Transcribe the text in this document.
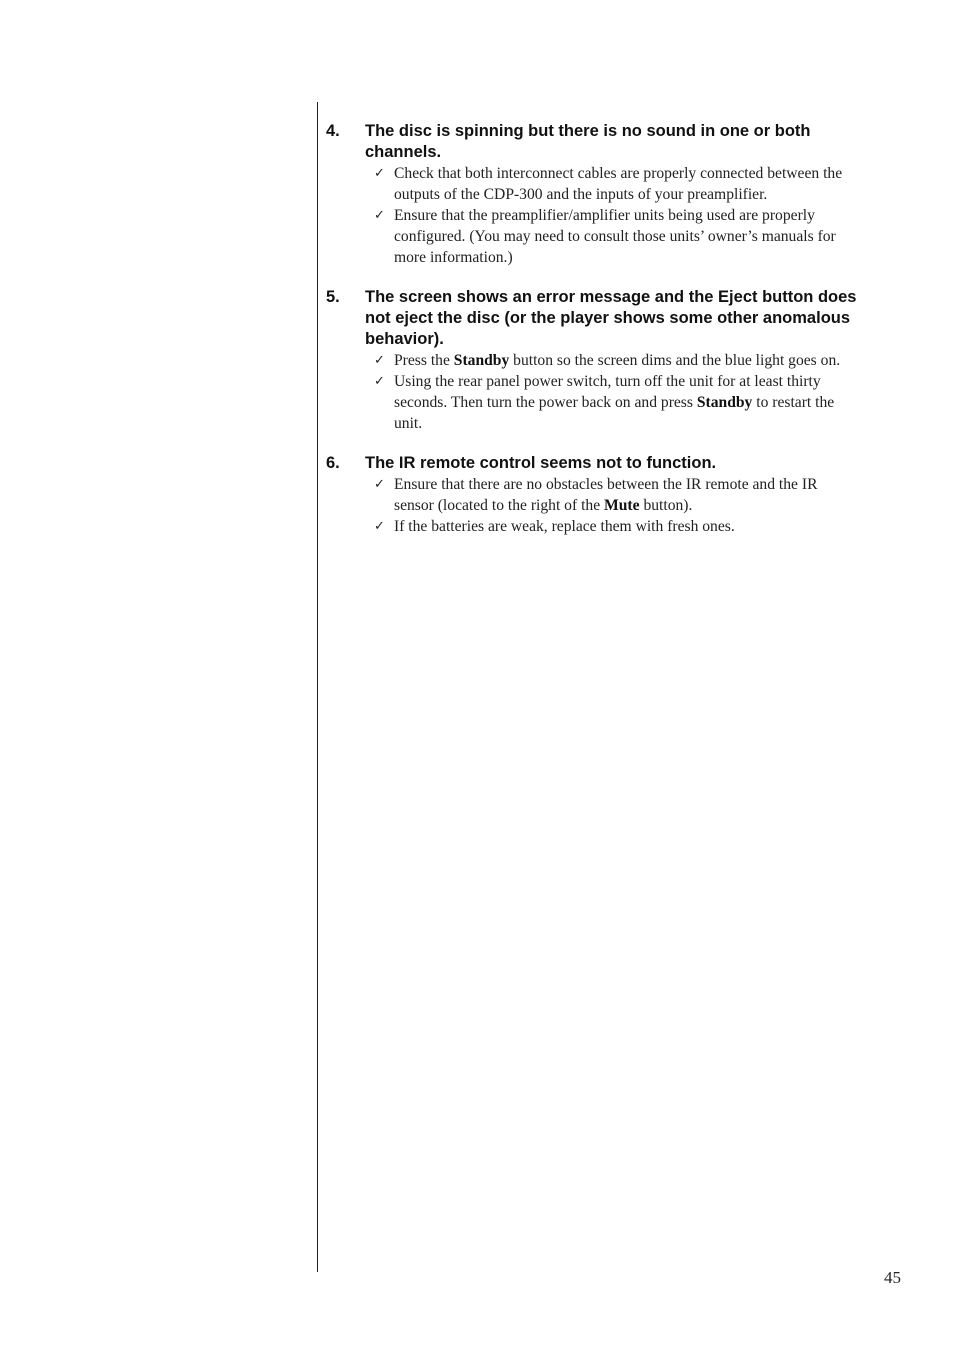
4.	The disc is spinning but there is no sound in one or both channels.
✓ Check that both interconnect cables are properly connected between the outputs of the CDP-300 and the inputs of your preamplifier.
✓ Ensure that the preamplifier/amplifier units being used are properly configured. (You may need to consult those units’ owner’s manuals for more information.)
5.	The screen shows an error message and the Eject button does not eject the disc (or the player shows some other anomalous behavior).
✓ Press the Standby button so the screen dims and the blue light goes on.
✓ Using the rear panel power switch, turn off the unit for at least thirty seconds. Then turn the power back on and press Standby to restart the unit.
6.	The IR remote control seems not to function.
✓ Ensure that there are no obstacles between the IR remote and the IR sensor (located to the right of the Mute button).
✓ If the batteries are weak, replace them with fresh ones.
45
